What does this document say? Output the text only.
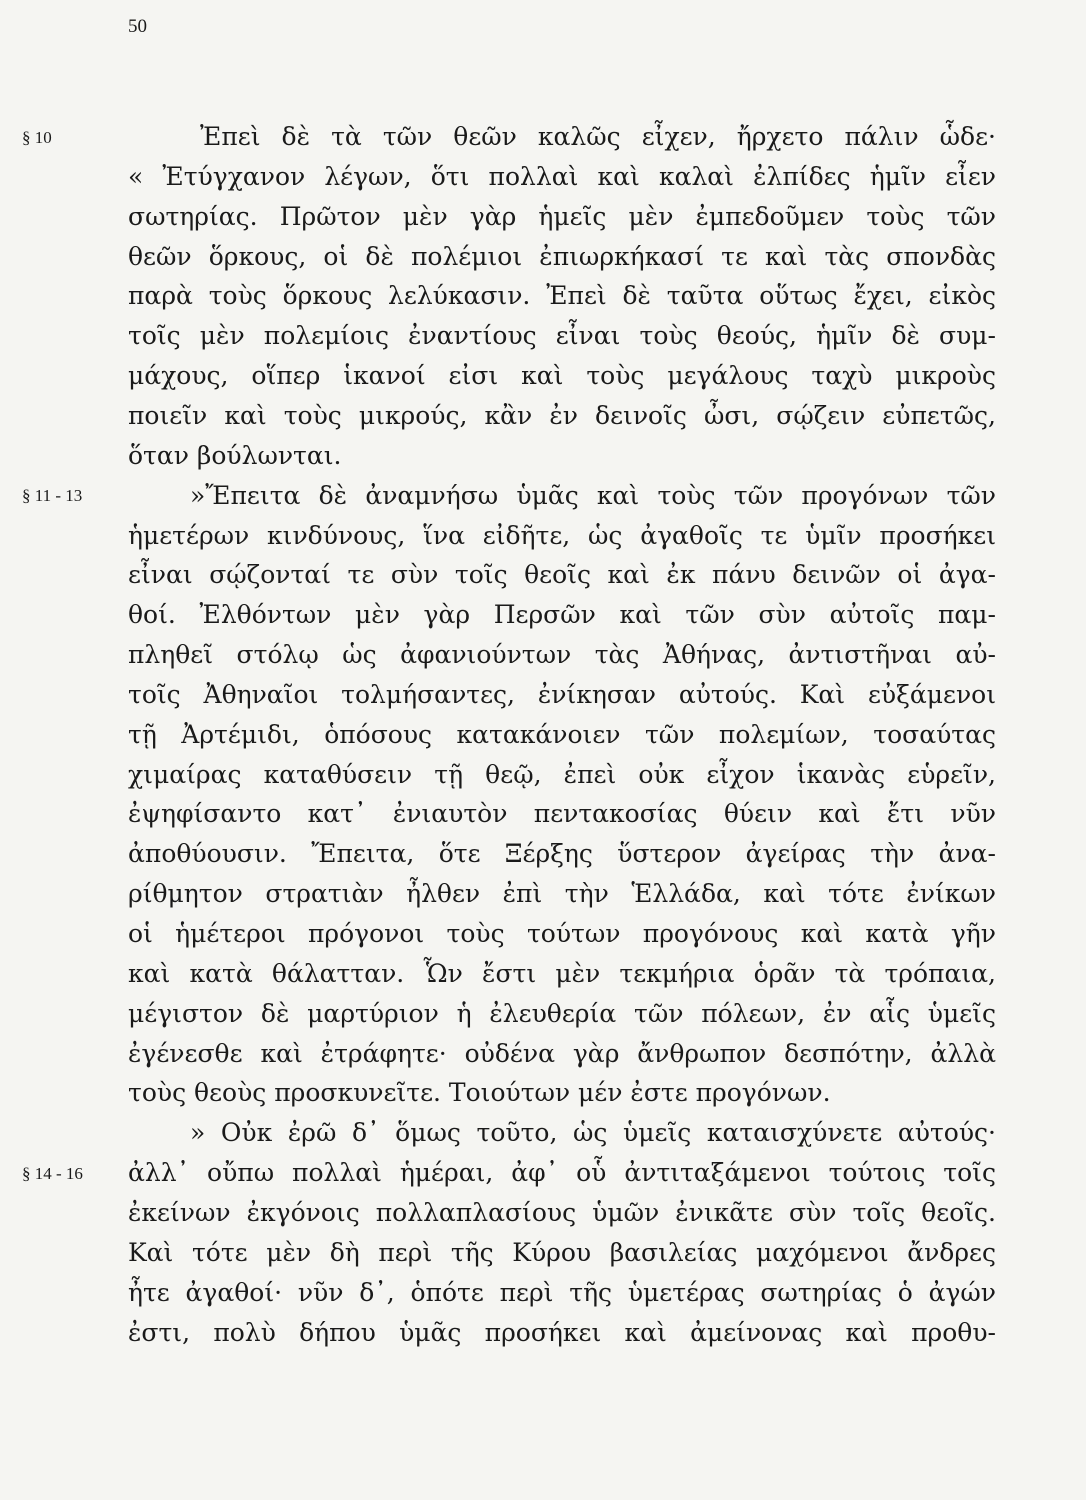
50
§ 10
§ 11 - 13
§ 14 - 16
Ἐπεὶ δὲ τὰ τῶν θεῶν καλῶς εἶχεν, ἤρχετο πάλιν ὧδε·
« Ἐτύγχανον λέγων, ὅτι πολλαὶ καὶ καλαὶ ἐλπίδες ἡμῖν εἶεν
σωτηρίας. Πρῶτον μὲν γὰρ ἡμεῖς μὲν ἐμπεδοῦμεν τοὺς τῶν
θεῶν ὅρκους, οἱ δὲ πολέμιοι ἐπιωρκήκασί τε καὶ τὰς σπονδὰς
παρὰ τοὺς ὅρκους λελύκασιν. Ἐπεὶ δὲ ταῦτα οὕτως ἔχει, εἰκὸς
τοῖς μὲν πολεμίοις ἐναντίους εἶναι τοὺς θεούς, ἡμῖν δὲ συμ-
μάχους, οἵπερ ἱκανοί εἰσι καὶ τοὺς μεγάλους ταχὺ μικροὺς
ποιεῖν καὶ τοὺς μικρούς, κἂν ἐν δεινοῖς ὦσι, σῴζειν εὐπετῶς,
ὅταν βούλωνται.
»Ἔπειτα δὲ ἀναμνήσω ὑμᾶς καὶ τοὺς τῶν προγόνων τῶν
ἡμετέρων κινδύνους, ἵνα εἰδῆτε, ὡς ἀγαθοῖς τε ὑμῖν προσήκει
εἶναι σῴζονταί τε σὺν τοῖς θεοῖς καὶ ἐκ πάνυ δεινῶν οἱ ἀγα-
θοί. Ἐλθόντων μὲν γὰρ Περσῶν καὶ τῶν σὺν αὐτοῖς παμ-
πληθεῖ στόλῳ ὡς ἀφανιούντων τὰς Ἀθήνας, ἀντιστῆναι αὐ-
τοῖς Ἀθηναῖοι τολμήσαντες, ἐνίκησαν αὐτούς. Καὶ εὐξάμενοι
τῇ Ἀρτέμιδι, ὁπόσους κατακάνοιεν τῶν πολεμίων, τοσαύτας
χιμαίρας καταθύσειν τῇ θεῷ, ἐπεὶ οὐκ εἶχον ἱκανὰς εὑρεῖν,
ἐψηφίσαντο κατ᾽ ἐνιαυτὸν πεντακοσίας θύειν καὶ ἔτι νῦν
ἀποθύουσιν. Ἔπειτα, ὅτε Ξέρξης ὕστερον ἀγείρας τὴν ἀνα-
ρίθμητον στρατιὰν ἦλθεν ἐπὶ τὴν Ἑλλάδα, καὶ τότε ἐνίκων
οἱ ἡμέτεροι πρόγονοι τοὺς τούτων προγόνους καὶ κατὰ γῆν
καὶ κατὰ θάλατταν. Ὧν ἔστι μὲν τεκμήρια ὁρᾶν τὰ τρόπαια,
μέγιστον δὲ μαρτύριον ἡ ἐλευθερία τῶν πόλεων, ἐν αἷς ὑμεῖς
ἐγένεσθε καὶ ἐτράφητε· οὐδένα γὰρ ἄνθρωπον δεσπότην, ἀλλὰ
τοὺς θεοὺς προσκυνεῖτε. Τοιούτων μέν ἐστε προγόνων.
» Οὐκ ἐρῶ δ᾽ ὅμως τοῦτο, ὡς ὑμεῖς καταισχύνετε αὐτούς·
ἀλλ᾽ οὔπω πολλαὶ ἡμέραι, ἀφ᾽ οὗ ἀντιταξάμενοι τούτοις τοῖς
ἐκείνων ἐκγόνοις πολλαπλασίους ὑμῶν ἐνικᾶτε σὺν τοῖς θεοῖς.
Καὶ τότε μὲν δὴ περὶ τῆς Κύρου βασιλείας μαχόμενοι ἄνδρες
ἦτε ἀγαθοί· νῦν δ᾽, ὁπότε περὶ τῆς ὑμετέρας σωτηρίας ὁ ἀγών
ἐστι, πολὺ δήπου ὑμᾶς προσήκει καὶ ἀμείνονας καὶ προθυ-
